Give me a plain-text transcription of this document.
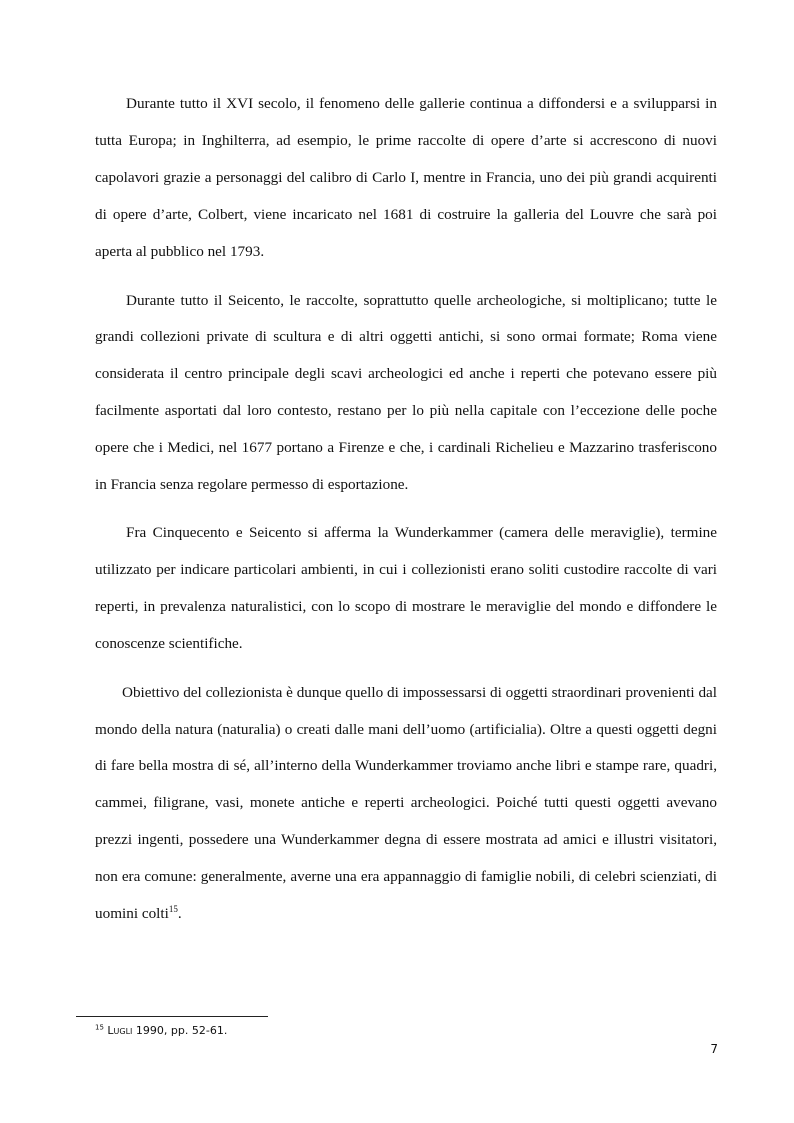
Durante tutto il XVI secolo, il fenomeno delle gallerie continua a diffondersi e a svilupparsi in tutta Europa; in Inghilterra, ad esempio, le prime raccolte di opere d’arte si accrescono di nuovi capolavori grazie a personaggi del calibro di Carlo I, mentre in Francia, uno dei più grandi acquirenti di opere d’arte, Colbert, viene incaricato nel 1681 di costruire la galleria del Louvre che sarà poi aperta al pubblico nel 1793.

Durante tutto il Seicento, le raccolte, soprattutto quelle archeologiche, si moltiplicano; tutte le grandi collezioni private di scultura e di altri oggetti antichi, si sono ormai formate; Roma viene considerata il centro principale degli scavi archeologici ed anche i reperti che potevano essere più facilmente asportati dal loro contesto, restano per lo più nella capitale con l’eccezione delle poche opere che i Medici, nel 1677 portano a Firenze e che, i cardinali Richelieu e Mazzarino trasferiscono in Francia senza regolare permesso di esportazione.

Fra Cinquecento e Seicento si afferma la Wunderkammer (camera delle meraviglie), termine utilizzato per indicare particolari ambienti, in cui i collezionisti erano soliti custodire raccolte di vari reperti, in prevalenza naturalistici, con lo scopo di mostrare le meraviglie del mondo e diffondere le conoscenze scientifiche.

Obiettivo del collezionista è dunque quello di impossessarsi di oggetti straordinari provenienti dal mondo della natura (naturalia) o creati dalle mani dell’uomo (artificialia). Oltre a questi oggetti degni di fare bella mostra di sé, all’interno della Wunderkammer troviamo anche libri e stampe rare, quadri, cammei, filigrane, vasi, monete antiche e reperti archeologici. Poiché tutti questi oggetti avevano prezzi ingenti, possedere una Wunderkammer degna di essere mostrata ad amici e illustri visitatori, non era comune: generalmente, averne una era appannaggio di famiglie nobili, di celebri scienziati, di uomini colti$^{15}$.

$^{15}$ Lugli 1990, pp. 52-61.
7
